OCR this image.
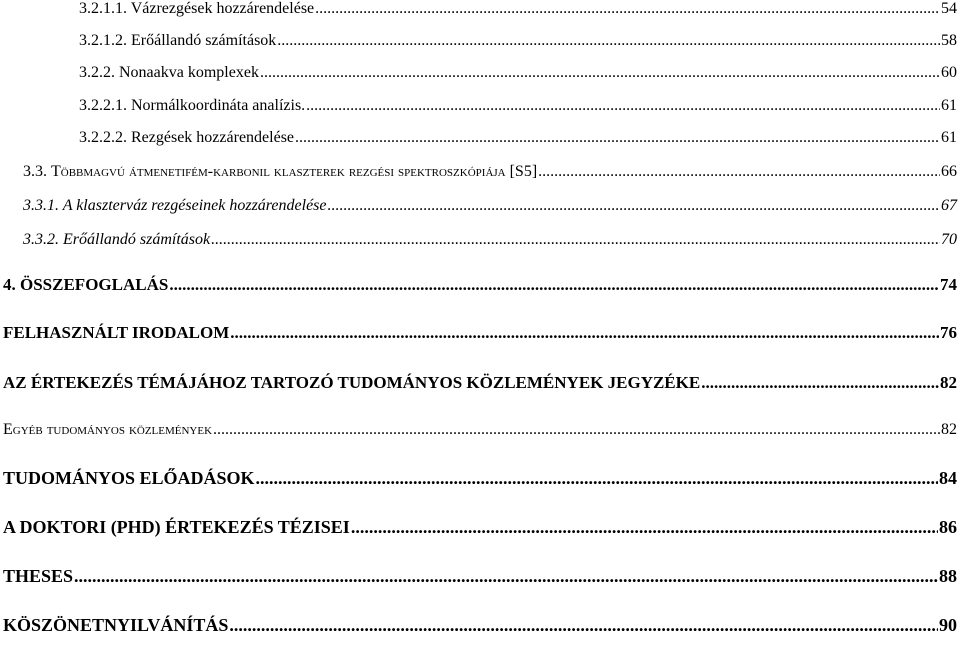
3.2.1.1. Vázrezgések hozzárendelése .....	54
3.2.1.2. Erőállandó számítások .....	58
3.2.2. Nonaakva komplexek .....	60
3.2.2.1. Normálkoordináta analízis. .....	61
3.2.2.2. Rezgések hozzárendelése .....	61
3.3. Többmagvú átmenetifém-karbonil klaszterek rezgési spektroszkópiája [S5] .....	66
3.3.1. A klaszterváz rezgéseinek hozzárendelése .....	67
3.3.2. Erőállandó számítások .....	70
4. ÖSSZEFOGLALÁS .....	74
FELHASZNÁLT IRODALOM .....	76
AZ ÉRTEKEZÉS TÉMÁJÁHOZ TARTOZÓ TUDOMÁNYOS KÖZLEMÉNYEK JEGYZÉKE .....	82
Egyéb tudományos közlemények .....	82
TUDOMÁNYOS ELŐADÁSOK .....	84
A DOKTORI (PHD) ÉRTEKEZÉS TÉZISEI .....	86
THESES .....	88
KÖSZÖNETNYILVÁNÍTÁS .....	90
